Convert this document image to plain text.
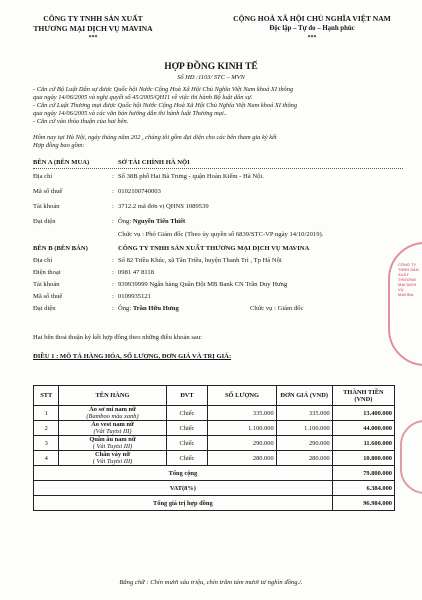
CÔNG TY TNHH SẢN XUẤT
THƯƠNG MẠI DỊCH VỤ MAVINA
***
CỘNG HOÀ XÃ HỘI CHỦ NGHĨA VIỆT NAM
Độc lập – Tự do – Hạnh phúc
***
HỢP ĐỒNG KINH TẾ
Số HĐ :1103/ STC – MVN
- Căn cứ Bộ Luật Dân sự được Quốc hội Nước Cộng Hoà Xã Hội Chủ Nghĩa Việt Nam khoá XI thông
qua ngày 14/06/2005 và nghị quyết số 45/2005/QH11 về việc thi hành Bộ luật dân sự.
- Căn cứ Luật Thương mại được Quốc hội Nước Cộng Hoà Xã Hội Chủ Nghĩa Việt Nam khoá XI thông
qua ngày 14/06/2005 và các văn bản hướng dẫn thi hành luật Thương mại..
- Căn cứ vào thỏa thuận của hai bên.
Hôm nay tại Hà Nội, ngày tháng năm 202 , chúng tôi gồm đại diện cho các bên tham gia ký kết
Hợp đồng bao gồm:
BÊN A (BÊN MUA)	SỞ TÀI CHÍNH HÀ NỘI
Địa chỉ	: Số 38B phố Hai Bà Trưng - quận Hoàn Kiếm - Hà Nội.
Mã số thuế	: 0102100740003
Tài khoản	: 3712.2 mã đơn vị QHNS 1089539
Đại diện	: Ông: Nguyễn Tiến Thiết
Chức vụ : Phó Giám đốc (Theo ủy quyền số 6839/STC-VP ngày 14/10/2019).
BÊN B (BÊN BÁN)	CÔNG TY TNHH SẢN XUẤT THƯƠNG MẠI DỊCH VỤ MAVINA
Địa chỉ	: Số 82 Triều Khúc, xã Tân Triều, huyện Thanh Trì , Tp Hà Nội
Điện thoại	: 0981 47 8118
Tài khoản	: 939939999 Ngân hàng Quân Đội MB Bank CN Trần Duy Hưng
Mã số thuế	: 0109935121
Đại diện	: Ông: Trần Hữu Hưng	Chức vụ : Giám đốc
Hai bên thoả thuận ký kết hợp đồng theo những điều khoản sau:
ĐIỀU 1 : MÔ TẢ HÀNG HÓA, SỐ LƯỢNG, ĐƠN GIÁ VÀ TRỊ GIÁ:
STT	TÊN HÀNG	ĐVT	SỐ LƯỢNG	ĐƠN GIÁ (VND)	THÀNH TIỀN (VND)
1	Áo sơ mi nam nữ
(Bamboo màu xanh)	Chiếc	335.000	335.000	13.400.000
2	Áo vest nam nữ
(Vải Tuytsi III)	Chiếc	1.100.000	1.100.000	44.000.000
3	Quần âu nam nữ
( Vải Tuytsi III)	Chiếc	290.000	290.000	11.600.000
4	Chân váy nữ
( Vải Tuytsi III)	Chiếc	280.000	280.000	10.800.000
Tổng cộng					79.800.000
VAT(8%)					6.384.000
Tổng giá trị hợp đồng					96.984.000
Bằng chữ : Chín mươi sáu triệu, chín trăm tám mươi tư nghìn đồng./.
CÔNG TY TNHH SẢN XUẤT THƯƠNG MẠI DỊCH VỤ MAVINA
